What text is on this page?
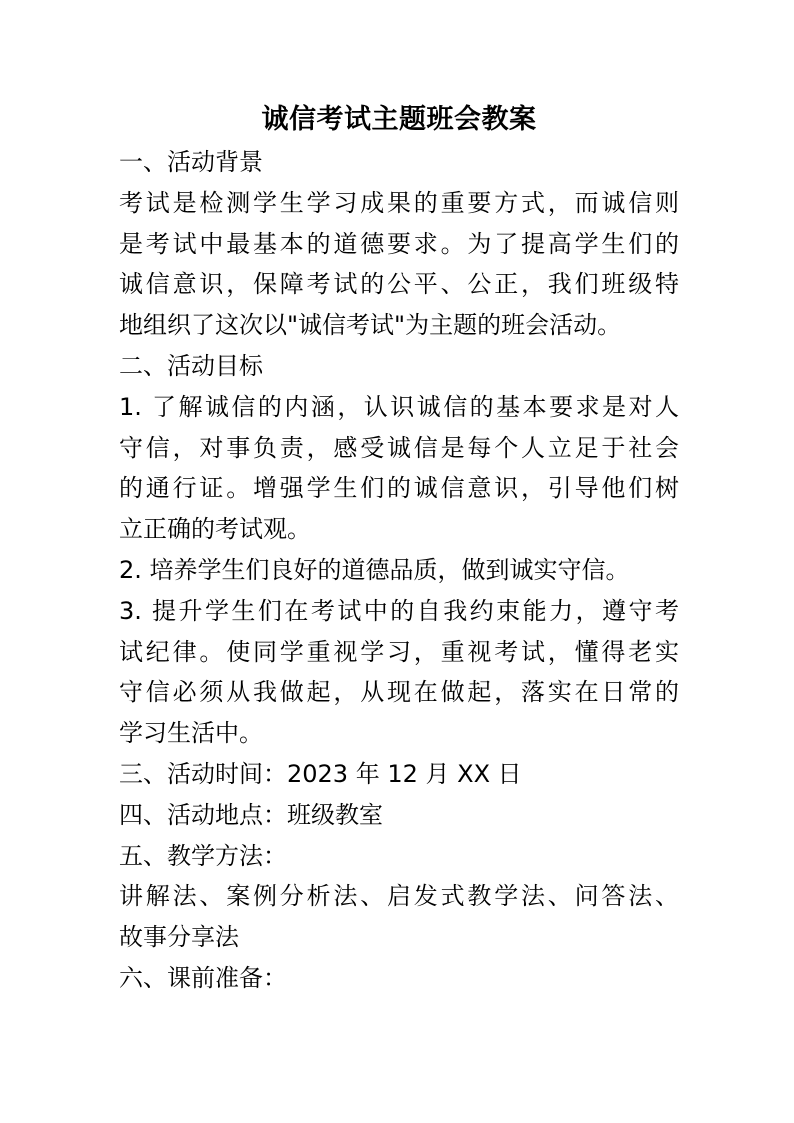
诚信考试主题班会教案

一、活动背景

考试是检测学生学习成果的重要方式，而诚信则

是考试中最基本的道德要求。为了提高学生们的

诚信意识，保障考试的公平、公正，我们班级特

地组织了这次以"诚信考试"为主题的班会活动。

二、活动目标

1. 了解诚信的内涵，认识诚信的基本要求是对人

守信，对事负责，感受诚信是每个人立足于社会

的通行证。增强学生们的诚信意识，引导他们树

立正确的考试观。

2. 培养学生们良好的道德品质，做到诚实守信。

3. 提升学生们在考试中的自我约束能力，遵守考

试纪律。使同学重视学习，重视考试，懂得老实

守信必须从我做起，从现在做起，落实在日常的

学习生活中。

三、活动时间：2023 年 12 月 XX 日

四、活动地点：班级教室

五、教学方法：

讲解法、案例分析法、启发式教学法、问答法、

故事分享法

六、课前准备：
